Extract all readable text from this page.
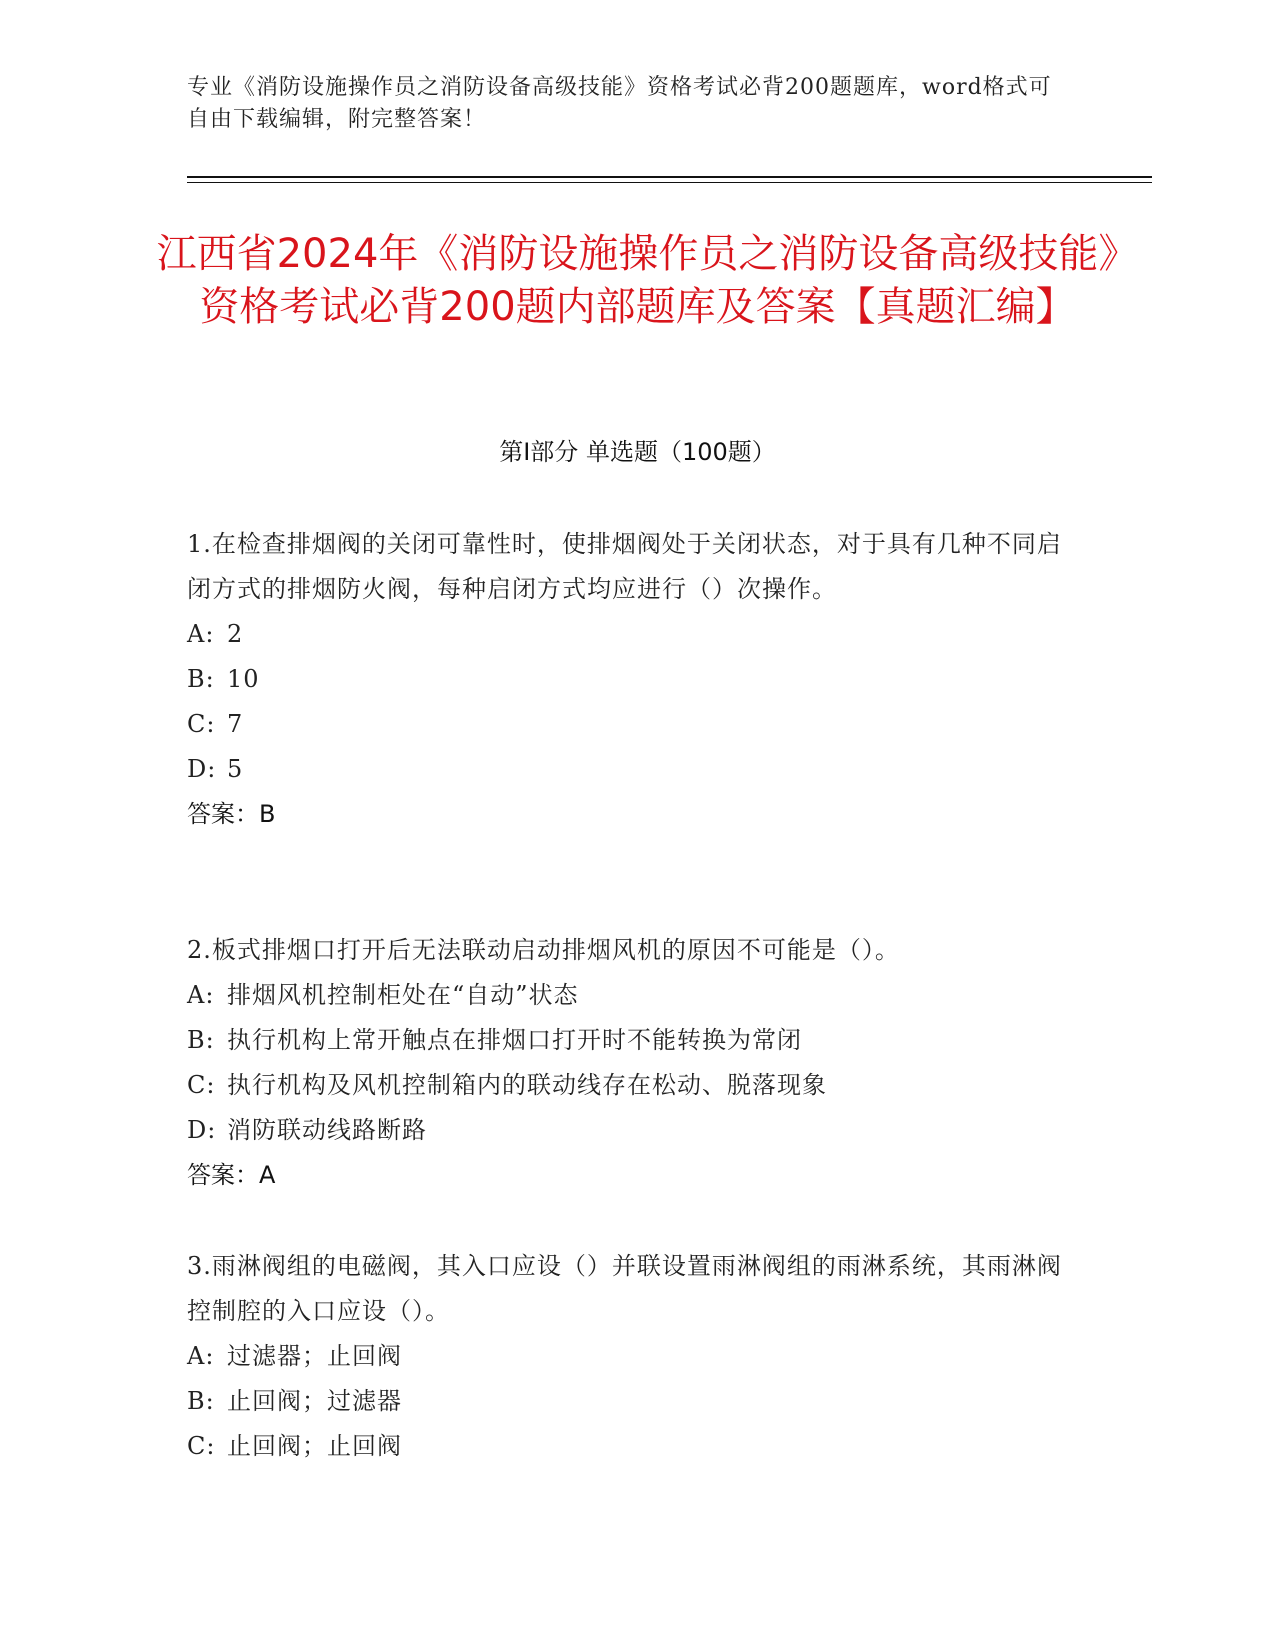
专业《消防设施操作员之消防设备高级技能》资格考试必背200题题库，word格式可自由下载编辑，附完整答案！
江西省2024年《消防设施操作员之消防设备高级技能》资格考试必背200题内部题库及答案【真题汇编】
第I部分 单选题（100题）
1.在检查排烟阀的关闭可靠性时，使排烟阀处于关闭状态，对于具有几种不同启闭方式的排烟防火阀，每种启闭方式均应进行（）次操作。
A: 2
B: 10
C: 7
D: 5
答案：B
2.板式排烟口打开后无法联动启动排烟风机的原因不可能是（）。
A: 排烟风机控制柜处在“自动”状态
B: 执行机构上常开触点在排烟口打开时不能转换为常闭
C: 执行机构及风机控制箱内的联动线存在松动、脱落现象
D: 消防联动线路断路
答案：A
3.雨淋阀组的电磁阀，其入口应设（）并联设置雨淋阀组的雨淋系统，其雨淋阀控制腔的入口应设（）。
A: 过滤器；止回阀
B: 止回阀；过滤器
C: 止回阀；止回阀
